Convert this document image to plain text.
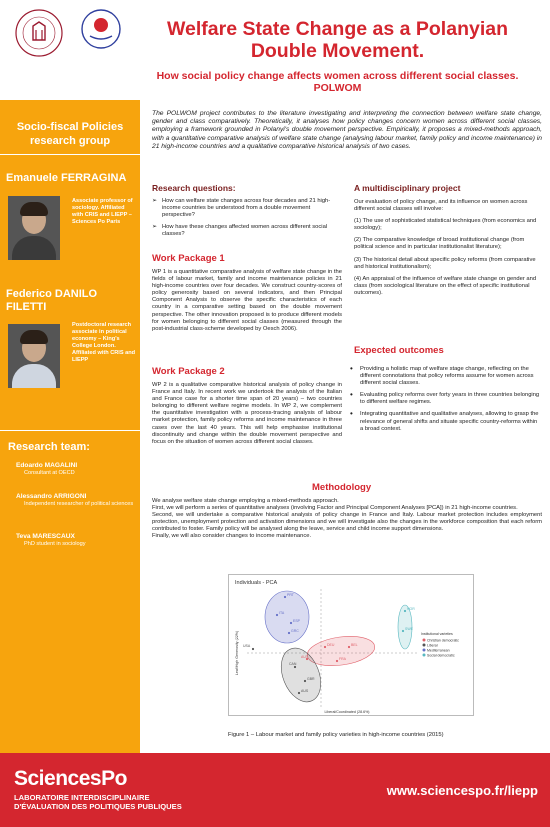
Welfare State Change as a Polanyian
Double Movement.
How social policy change affects women across different social classes.
POLWOM
Socio-fiscal Policies research group
Emanuele FERRAGINA
Associate professor of sociology. Affiliated with CRIS and LIEPP – Sciences Po Paris
Federico DANILO FILETTI
Postdoctoral research associate in political economy – King's College London. Affiliated with CRIS and LIEPP
Research team:
Edoardo MAGALINI
Consultant at OECD
Alessandro ARRIGONI
Independent researcher of political sciences
Teva MARESCAUX
PhD student in sociology
The POLWOM project contributes to the literature investigating and interpreting the connection between welfare state change, gender and class comparatively. Theoretically, it analyses how policy changes concern women across different social classes, employing a framework grounded in Polanyi's double movement perspective. Empirically, it proposes a mixed-methods approach, with a quantitative comparative analysis of welfare state change (analysing labour market, family policy and income maintenance) in 21 high-income countries and a qualitative comparative historical analysis of two cases.
Research questions:
➢ How can welfare state changes across four decades and 21 high-income countries be understood from a double movement perspective?
➢ How have these changes affected women across different social classes?
Work Package 1
WP 1 is a quantitative comparative analysis of welfare state change in the fields of labour market, family and income maintenance policies in 21 high-income countries over four decades. We construct country-scores of policy generosity based on several indicators, and then Principal Component Analysis to observe the specific characteristics of each country in a comparative setting based on the double movement perspective. The other innovation proposed is to produce different models for women belonging to different social classes (measured through the post-industrial class-scheme developed by Oesch 2006).
Work Package 2
WP 2 is a qualitative comparative historical analysis of policy change in France and Italy. In recent work we undertook the analysis of the Italian and France case for a shorter time span of 20 years) – two countries belonging to different welfare regime models. In WP 2, we complement the quantitative investigation with a process-tracing analysis of labour market protection, family policy reforms and income maintenance in three cases over the last 40 years. This will help emphasise institutional discontinuity and change within the double movement perspective and focus on the situation of women across different social classes.
A multidisciplinary project

Our evaluation of policy change, and its influence on women across different social classes will involve:

(1) The use of sophisticated statistical techniques (from economics and sociology);

(2) The comparative knowledge of broad institutional change (from political science and in particular institutionalist literature);

(3) The historical detail about specific policy reforms (from comparative and historical institutionalism);

(4) An appraisal of the influence of welfare state change on gender and class (from sociological literature on the effect of specific institutional outcomes).

Expected outcomes
• Providing a holistic map of welfare stage change, reflecting on the different connotations that policy reforms assume for women across different social classes.
• Evaluating policy reforms over forty years in three countries belonging to different welfare regimes.
• Integrating quantitative and qualitative analyses, allowing to grasp the relevance of general shifts and situate specific country-reforms within a broad context.
Methodology
We analyse welfare state change employing a mixed-methods approach.
First, we will perform a series of quantitative analyses (involving Factor and Principal Component Analyses [PCA]) in 21 high-income countries.
Second, we will undertake a comparative historical analysis of policy change in France and Italy. Labour market protection includes employment protection, unemployment protection and activation dimensions and we will investigate also the changes in the workforce composition that each reform contributed to foster. Family policy will be analysed along the leave, service and child income support dimensions.
Finally, we will also consider changes to income maintenance.
Individuals - PCA
PRT
ITA
ESP
GRC
USA
AUT
BEL
FRA
DEU
CAN
GBR
AUS
NOR
SWE
Liberal/Coordinated (28.6%)
Leaf/High Generosity (22%)	Institutional varieties
Christian democratic
Liberal
Mediterranean
Social democratic
Figure 1 – Labour market and family policy varieties in high-income countries (2015)
SciencesPo
LABORATOIRE INTERDISCIPLINAIRE
D'ÉVALUATION DES POLITIQUES PUBLIQUES
www.sciencespo.fr/liepp
